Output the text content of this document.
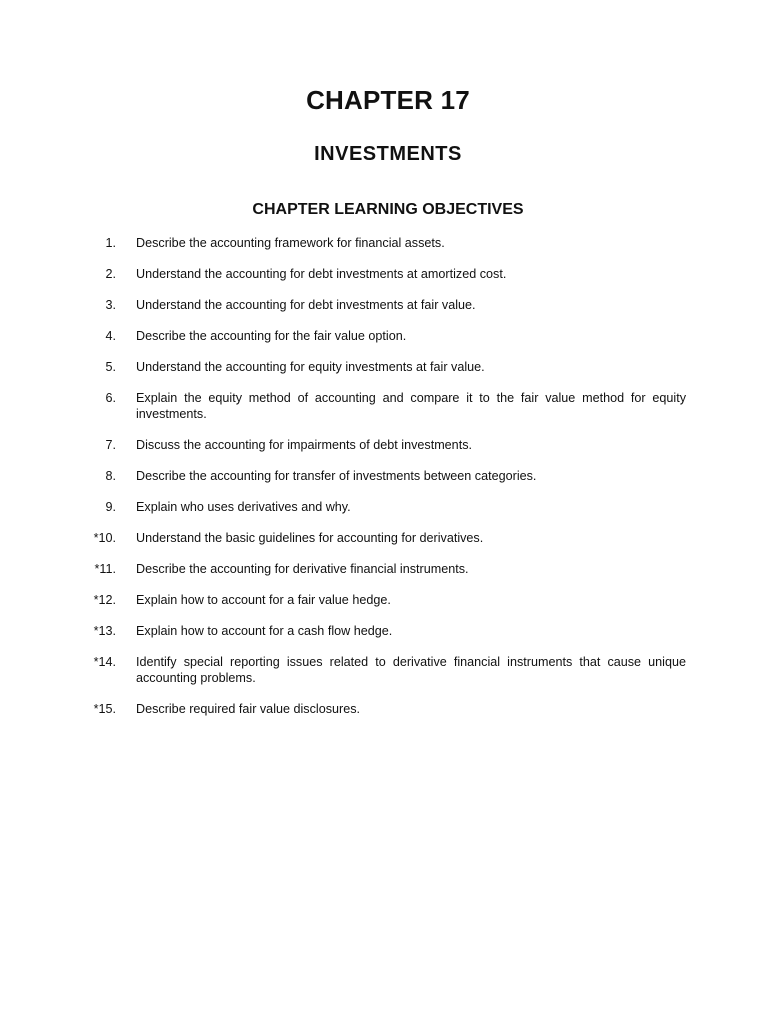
CHAPTER 17
INVESTMENTS
CHAPTER LEARNING OBJECTIVES
1. Describe the accounting framework for financial assets.
2. Understand the accounting for debt investments at amortized cost.
3. Understand the accounting for debt investments at fair value.
4. Describe the accounting for the fair value option.
5. Understand the accounting for equity investments at fair value.
6. Explain the equity method of accounting and compare it to the fair value method for equity investments.
7. Discuss the accounting for impairments of debt investments.
8. Describe the accounting for transfer of investments between categories.
9. Explain who uses derivatives and why.
*10. Understand the basic guidelines for accounting for derivatives.
*11. Describe the accounting for derivative financial instruments.
*12. Explain how to account for a fair value hedge.
*13. Explain how to account for a cash flow hedge.
*14. Identify special reporting issues related to derivative financial instruments that cause unique accounting problems.
*15. Describe required fair value disclosures.
